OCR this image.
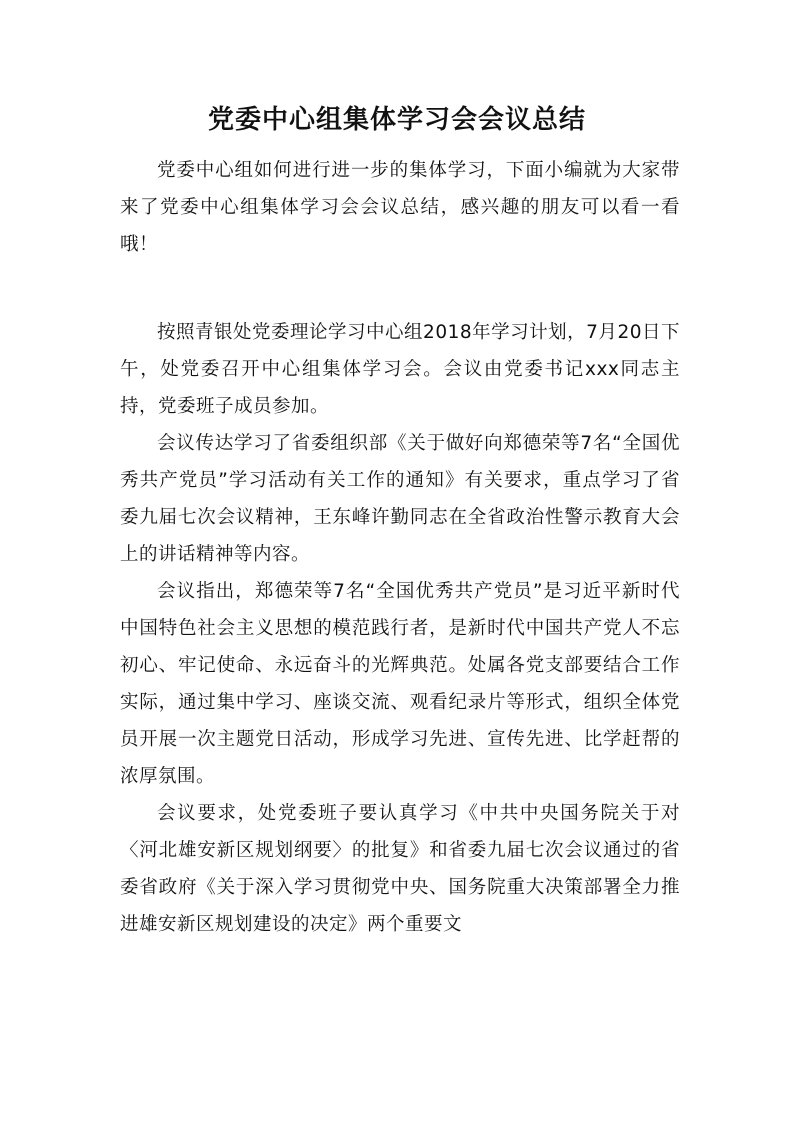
党委中心组集体学习会会议总结

党委中心组如何进行进一步的集体学习，下面小编就为大家带来了党委中心组集体学习会会议总结，感兴趣的朋友可以看一看哦！

按照青银处党委理论学习中心组2018年学习计划，7月20日下午，处党委召开中心组集体学习会。会议由党委书记xxx同志主持，党委班子成员参加。

会议传达学习了省委组织部《关于做好向郑德荣等7名“全国优秀共产党员”学习活动有关工作的通知》有关要求，重点学习了省委九届七次会议精神，王东峰许勤同志在全省政治性警示教育大会上的讲话精神等内容。

会议指出，郑德荣等7名“全国优秀共产党员”是习近平新时代中国特色社会主义思想的模范践行者，是新时代中国共产党人不忘初心、牢记使命、永远奋斗的光辉典范。处属各党支部要结合工作实际，通过集中学习、座谈交流、观看纪录片等形式，组织全体党员开展一次主题党日活动，形成学习先进、宣传先进、比学赶帮的浓厚氛围。

会议要求，处党委班子要认真学习《中共中央国务院关于对〈河北雄安新区规划纲要〉的批复》和省委九届七次会议通过的省委省政府《关于深入学习贯彻党中央、国务院重大决策部署全力推进雄安新区规划建设的决定》两个重要文
